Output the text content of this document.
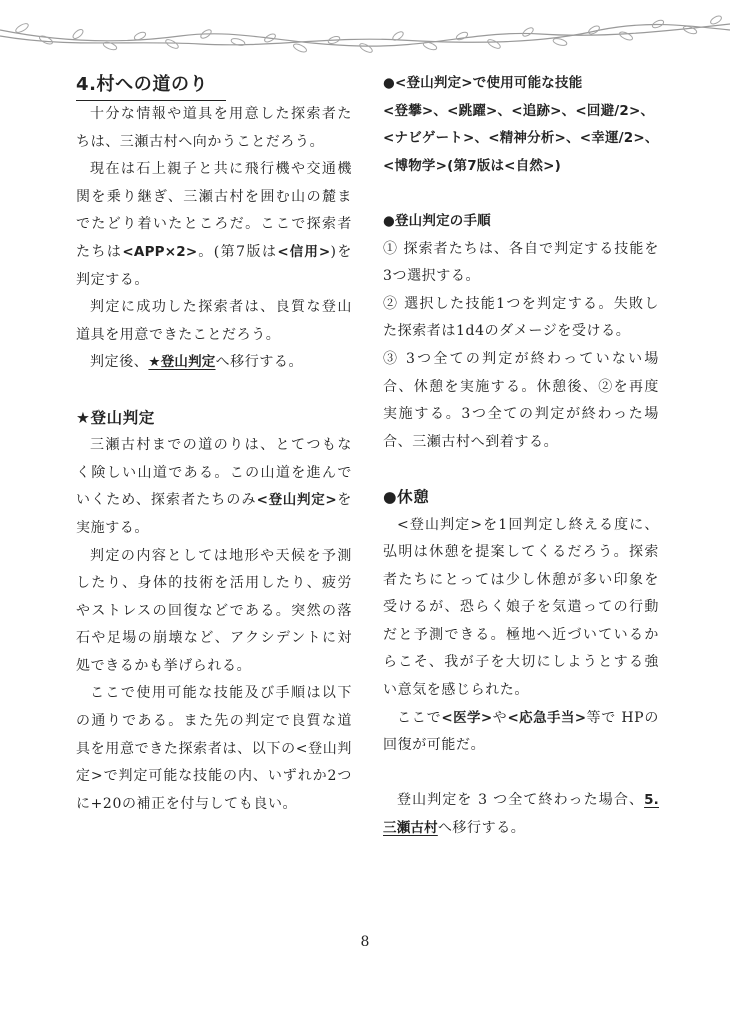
4.村への道のり

十分な情報や道具を用意した探索者たちは、三瀬古村へ向かうことだろう。

現在は石上親子と共に飛行機や交通機関を乗り継ぎ、三瀬古村を囲む山の麓までたどり着いたところだ。ここで探索者たちは<APP×2>。(第7版は<信用>)を判定する。

判定に成功した探索者は、良質な登山道具を用意できたことだろう。

判定後、★登山判定へ移行する。

★登山判定

三瀬古村までの道のりは、とてつもなく険しい山道である。この山道を進んでいくため、探索者たちのみ<登山判定>を実施する。

判定の内容としては地形や天候を予測したり、身体的技術を活用したり、疲労やストレスの回復などである。突然の落石や足場の崩壊など、アクシデントに対処できるかも挙げられる。

ここで使用可能な技能及び手順は以下の通りである。また先の判定で良質な道具を用意できた探索者は、以下の<登山判定>で判定可能な技能の内、いずれか2つに+20の補正を付与しても良い。

●<登山判定>で使用可能な技能

<登攀>、<跳躍>、<追跡>、<回避/2>、

<ナビゲート>、<精神分析>、<幸運/2>、

<博物学>(第7版は<自然>)

●登山判定の手順

① 探索者たちは、各自で判定する技能を3つ選択する。

② 選択した技能1つを判定する。失敗した探索者は1d4のダメージを受ける。

③ 3つ全ての判定が終わっていない場合、休憩を実施する。休憩後、②を再度実施する。3つ全ての判定が終わった場合、三瀬古村へ到着する。

●休憩

<登山判定>を1回判定し終える度に、弘明は休憩を提案してくるだろう。探索者たちにとっては少し休憩が多い印象を受けるが、恐らく娘子を気遣っての行動だと予測できる。極地へ近づいているからこそ、我が子を大切にしようとする強い意気を感じられた。

ここで<医学>や<応急手当>等で HPの回復が可能だ。

登山判定を 3 つ全て終わった場合、5.三瀬古村へ移行する。

8
